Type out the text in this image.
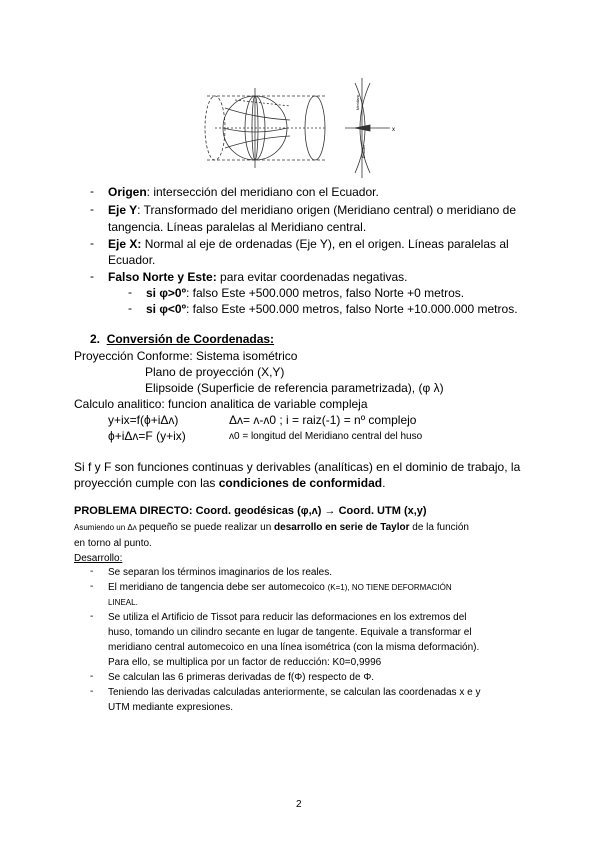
x
Meridiano
Ecuador
- Origen: intersección del meridiano con el Ecuador.
- Eje Y: Transformado del meridiano origen (Meridiano central) o meridiano de
tangencia. Líneas paralelas al Meridiano central.
- Eje X: Normal al eje de ordenadas (Eje Y), en el origen. Líneas paralelas al
Ecuador.
- Falso Norte y Este: para evitar coordenadas negativas.
- si φ>0º: falso Este +500.000 metros, falso Norte +0 metros.
- si φ<0º: falso Este +500.000 metros, falso Norte +10.000.000 metros.
2. Conversión de Coordenadas:
Proyección Conforme: Sistema isométrico
Plano de proyección (X,Y)
Elipsoide (Superficie de referencia parametrizada), (φ λ)
Calculo analitico: funcion analitica de variable compleja
y+ix=f(ϕ+iΔʌ)	Δʌ= ʌ-ʌ0 ; i = raiz(-1) = nº complejo
ϕ+iΔʌ=F (y+ix)	ʌ0 = longitud del Meridiano central del huso
Si f y F son funciones continuas y derivables (analíticas) en el dominio de trabajo, la
proyección cumple con las condiciones de conformidad.
PROBLEMA DIRECTO: Coord. geodésicas (φ,ʌ) → Coord. UTM (x,y)
Asumiendo un Δʌ pequeño se puede realizar un desarrollo en serie de Taylor de la función
en torno al punto.
Desarrollo:
- Se separan los términos imaginarios de los reales.
- El meridiano de tangencia debe ser automecoico (K=1), NO TIENE DEFORMACIÓN
LINEAL.
- Se utiliza el Artificio de Tissot para reducir las deformaciones en los extremos del
huso, tomando un cilindro secante en lugar de tangente. Equivale a transformar el
meridiano central automecoico en una línea isométrica (con la misma deformación).
Para ello, se multiplica por un factor de reducción: K0=0,9996
- Se calculan las 6 primeras derivadas de f(Φ) respecto de Φ.
- Teniendo las derivadas calculadas anteriormente, se calculan las coordenadas x e y
UTM mediante expresiones.
2
